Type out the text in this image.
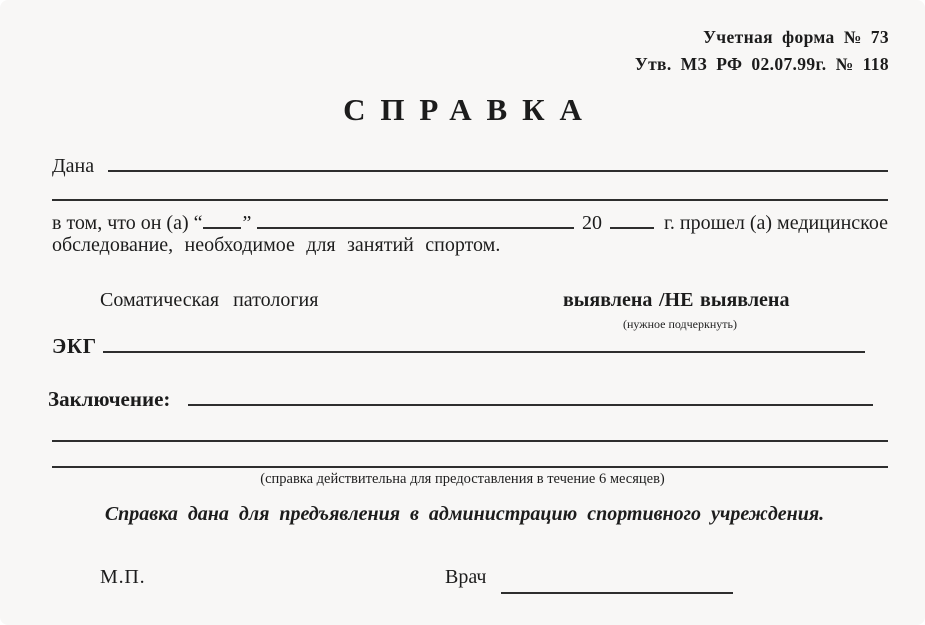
Учетная форма № 73
Утв. МЗ РФ 02.07.99г. № 118
СПРАВКА
Дана
в том, что он (а) “ ”	20	г. прошел (а) медицинское
обследование, необходимое для занятий спортом.
Соматическая патология	выявлена /НЕ выявлена
(нужное подчеркнуть)
ЭКГ
Заключение:
(справка действительна для предоставления в течение 6 месяцев)
Справка дана для предъявления в администрацию спортивного учреждения.
М.П.	Врач
